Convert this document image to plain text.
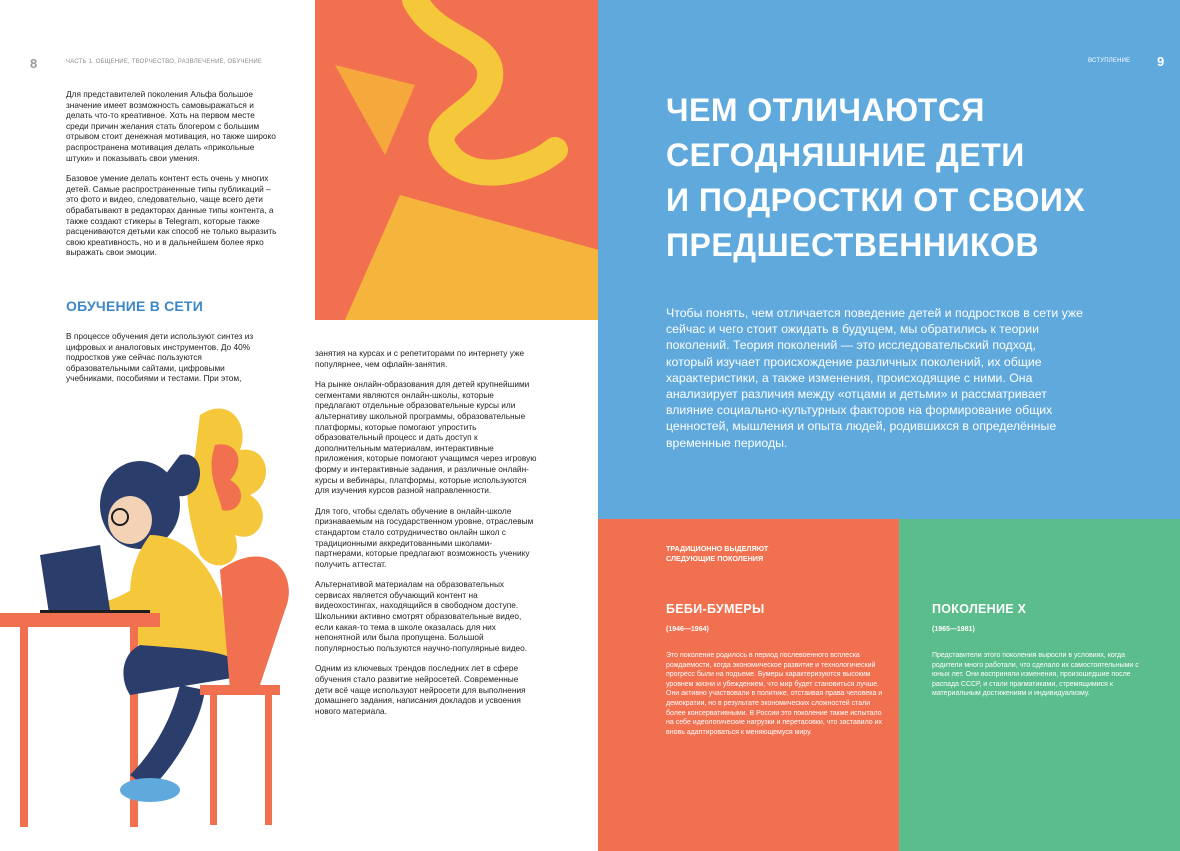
8	ЧАСТЬ 1. ОБЩЕНИЕ, ТВОРЧЕСТВО, РАЗВЛЕЧЕНИЕ, ОБУЧЕНИЕ

Для представителей поколения Альфа большое значение имеет возможность самовыражаться и делать что-то креативное. Хоть на первом месте среди причин желания стать блогером с большим отрывом стоит денежная мотивация, но также широко распространена мотивация делать «прикольные штуки» и показывать свои умения.

Базовое умение делать контент есть очень у многих детей. Самые распространенные типы публикаций – это фото и видео, следовательно, чаще всего дети обрабатывают в редакторах данные типы контента, а также создают стикеры в Telegram, которые также расцениваются детьми как способ не только выразить свою креативность, но и в дальнейшем более ярко выражать свои эмоции.

ОБУЧЕНИЕ В СЕТИ
В процессе обучения дети используют синтез из цифровых и аналоговых инструментов. До 40% подростков уже сейчас пользуются образовательными сайтами, цифровыми учебниками, пособиями и тестами. При этом,

занятия на курсах и с репетиторами по интернету уже популярнее, чем офлайн-занятия.

На рынке онлайн-образования для детей крупнейшими сегментами являются онлайн-школы, которые предлагают отдельные образовательные курсы или альтернативу школьной программы, образовательные платформы, которые помогают упростить образовательный процесс и дать доступ к дополнительным материалам, интерактивные приложения, которые помогают учащимся через игровую форму и интерактивные задания, и различные онлайн-курсы и вебинары, платформы, которые используются для изучения курсов разной направленности.

Для того, чтобы сделать обучение в онлайн-школе признаваемым на государственном уровне, отраслевым стандартом стало сотрудничество онлайн школ с традиционными аккредитованными школами-партнерами, которые предлагают возможность ученику получить аттестат.

Альтернативой материалам на образовательных сервисах является обучающий контент на видеохостингах, находящийся в свободном доступе. Школьники активно смотрят образовательные видео, если какая-то тема в школе оказалась для них непонятной или была пропущена. Большой популярностью пользуются научно-популярные видео.

Одним из ключевых трендов последних лет в сфере обучения стало развитие нейросетей. Современные дети всё чаще используют нейросети для выполнения домашнего задания, написания докладов и усвоения нового материала.

ВСТУПЛЕНИЕ 9
ЧЕМ ОТЛИЧАЮТСЯ
СЕГОДНЯШНИЕ ДЕТИ
И ПОДРОСТКИ ОТ СВОИХ
ПРЕДШЕСТВЕННИКОВ
Чтобы понять, чем отличается поведение детей и подростков в сети уже сейчас и чего стоит ожидать в будущем, мы обратились к теории поколений. Теория поколений — это исследовательский подход, который изучает происхождение различных поколений, их общие характеристики, а также изменения, происходящие с ними. Она анализирует различия между «отцами и детьми» и рассматривает влияние социально-культурных факторов на формирование общих ценностей, мышления и опыта людей, родившихся в определённые временные периоды.
ТРАДИЦИОННО ВЫДЕЛЯЮТ СЛЕДУЮЩИЕ ПОКОЛЕНИЯ
БЕБИ-БУМЕРЫ
(1946—1964)
Это поколение родилось в период послевоенного всплеска рождаемости, когда экономическое развитие и технологический прогресс были на подъеме. Бумеры характеризуются высоким уровнем жизни и убеждением, что мир будет становиться лучше. Они активно участвовали в политике, отстаивая права человека и демократии, но в результате экономических сложностей стали более консервативными. В России это поколение также испытало на себе идеологические нагрузки и перетасовки, что заставило их вновь адаптироваться к меняющемуся миру.
ПОКОЛЕНИЕ X
(1965—1981)
Представители этого поколения выросли в условиях, когда родители много работали, что сделало их самостоятельными с юных лет. Они восприняли изменения, произошедшие после распада СССР, и стали прагматиками, стремящимися к материальным достижениям и индивидуализму.
